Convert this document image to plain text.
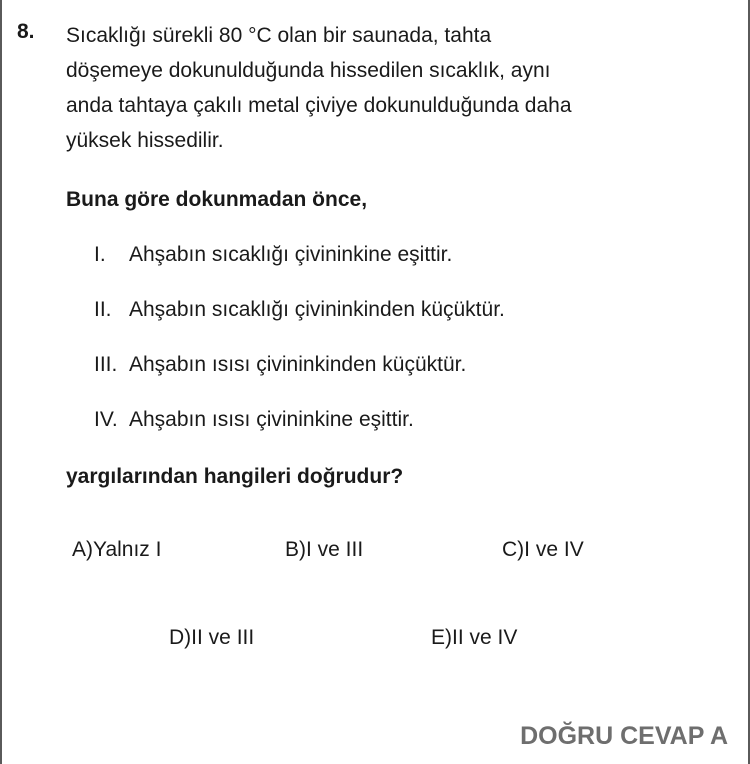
8. Sıcaklığı sürekli 80 °C olan bir saunada, tahta
döşemeye dokunulduğunda hissedilen sıcaklık, aynı
anda tahtaya çakılı metal çiviye dokunulduğunda daha
yüksek hissedilir.
Buna göre dokunmadan önce,
I. Ahşabın sıcaklığı çivininkine eşittir.
II. Ahşabın sıcaklığı çivininkinden küçüktür.
III. Ahşabın ısısı çivininkinden küçüktür.
IV. Ahşabın ısısı çivininkine eşittir.
yargılarından hangileri doğrudur?
A)Yalnız I	B)I ve III	C)I ve IV
D)II ve III	E)II ve IV
DOĞRU CEVAP A
